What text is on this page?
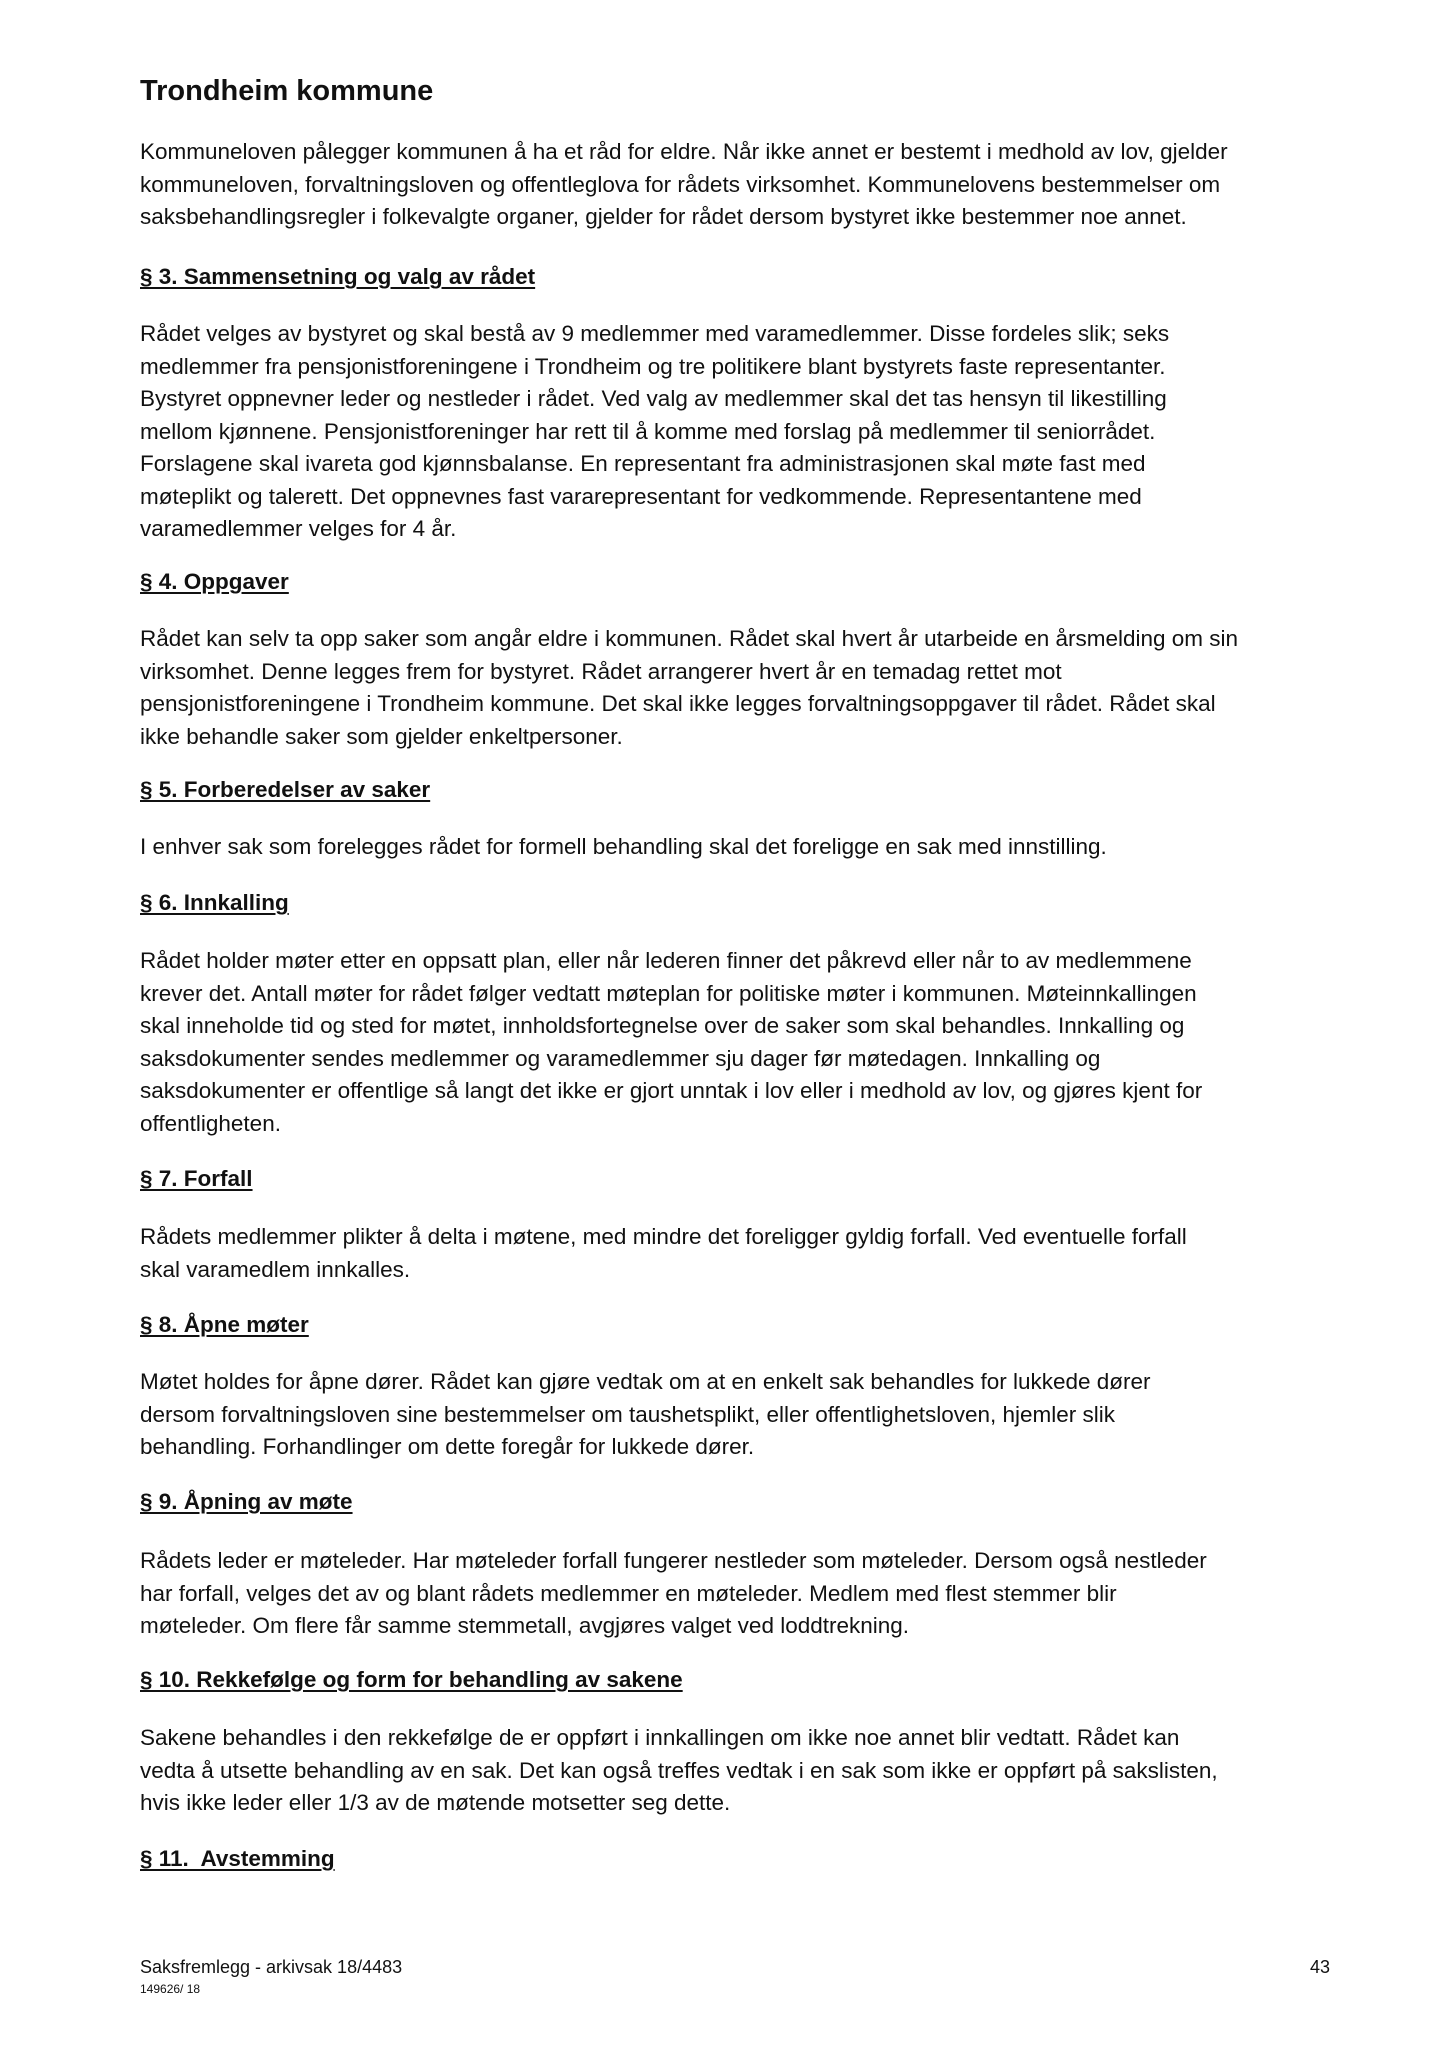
Trondheim kommune

Kommuneloven pålegger kommunen å ha et råd for eldre. Når ikke annet er bestemt i medhold av lov, gjelder
kommuneloven, forvaltningsloven og offentleglova for rådets virksomhet. Kommunelovens bestemmelser om
saksbehandlingsregler i folkevalgte organer, gjelder for rådet dersom bystyret ikke bestemmer noe annet.

§ 3. Sammensetning og valg av rådet

Rådet velges av bystyret og skal bestå av 9 medlemmer med varamedlemmer. Disse fordeles slik; seks
medlemmer fra pensjonistforeningene i Trondheim og tre politikere blant bystyrets faste representanter.
Bystyret oppnevner leder og nestleder i rådet. Ved valg av medlemmer skal det tas hensyn til likestilling
mellom kjønnene. Pensjonistforeninger har rett til å komme med forslag på medlemmer til seniorrådet.
Forslagene skal ivareta god kjønnsbalanse. En representant fra administrasjonen skal møte fast med
møteplikt og talerett. Det oppnevnes fast vararepresentant for vedkommende. Representantene med
varamedlemmer velges for 4 år.

§ 4. Oppgaver

Rådet kan selv ta opp saker som angår eldre i kommunen. Rådet skal hvert år utarbeide en årsmelding om sin
virksomhet. Denne legges frem for bystyret. Rådet arrangerer hvert år en temadag rettet mot
pensjonistforeningene i Trondheim kommune. Det skal ikke legges forvaltningsoppgaver til rådet. Rådet skal
ikke behandle saker som gjelder enkeltpersoner.

§ 5. Forberedelser av saker

I enhver sak som forelegges rådet for formell behandling skal det foreligge en sak med innstilling.

§ 6. Innkalling

Rådet holder møter etter en oppsatt plan, eller når lederen finner det påkrevd eller når to av medlemmene
krever det. Antall møter for rådet følger vedtatt møteplan for politiske møter i kommunen. Møteinnkallingen
skal inneholde tid og sted for møtet, innholdsfortegnelse over de saker som skal behandles. Innkalling og
saksdokumenter sendes medlemmer og varamedlemmer sju dager før møtedagen. Innkalling og
saksdokumenter er offentlige så langt det ikke er gjort unntak i lov eller i medhold av lov, og gjøres kjent for
offentligheten.

§ 7. Forfall

Rådets medlemmer plikter å delta i møtene, med mindre det foreligger gyldig forfall. Ved eventuelle forfall
skal varamedlem innkalles.

§ 8. Åpne møter

Møtet holdes for åpne dører. Rådet kan gjøre vedtak om at en enkelt sak behandles for lukkede dører
dersom forvaltningsloven sine bestemmelser om taushetsplikt, eller offentlighetsloven, hjemler slik
behandling. Forhandlinger om dette foregår for lukkede dører.

§ 9. Åpning av møte

Rådets leder er møteleder. Har møteleder forfall fungerer nestleder som møteleder. Dersom også nestleder
har forfall, velges det av og blant rådets medlemmer en møteleder. Medlem med flest stemmer blir
møteleder. Om flere får samme stemmetall, avgjøres valget ved loddtrekning.

§ 10. Rekkefølge og form for behandling av sakene

Sakene behandles i den rekkefølge de er oppført i innkallingen om ikke noe annet blir vedtatt. Rådet kan
vedta å utsette behandling av en sak. Det kan også treffes vedtak i en sak som ikke er oppført på sakslisten,
hvis ikke leder eller 1/3 av de møtende motsetter seg dette.

§ 11.  Avstemming
Saksfremlegg - arkivsak 18/4483	43
149626/ 18
